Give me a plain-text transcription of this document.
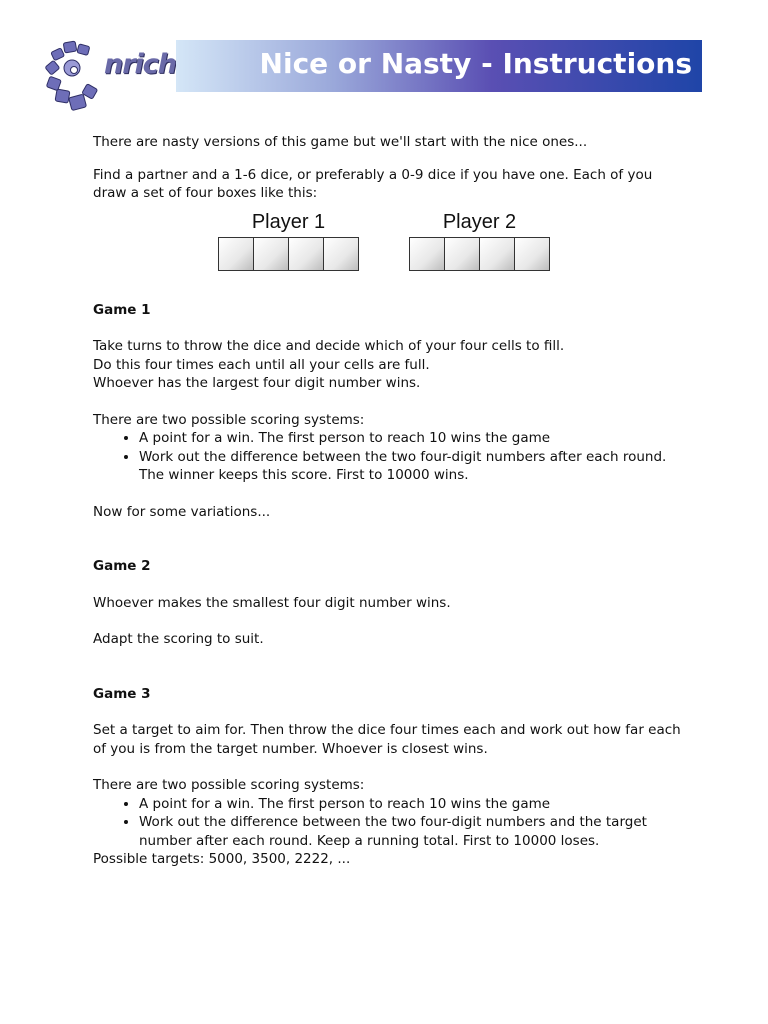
nrich	Nice or Nasty - Instructions

There are nasty versions of this game but we'll start with the nice ones...

Find a partner and a 1-6 dice, or preferably a 0-9 dice if you have one. Each of you draw a set of four boxes like this:

Player 1	Player 2

Game 1

Take turns to throw the dice and decide which of your four cells to fill.

Do this four times each until all your cells are full.

Whoever has the largest four digit number wins.

There are two possible scoring systems:

• A point for a win. The first person to reach 10 wins the game
• Work out the difference between the two four-digit numbers after each round.
The winner keeps this score. First to 10000 wins.

Now for some variations...

Game 2

Whoever makes the smallest four digit number wins.

Adapt the scoring to suit.

Game 3

Set a target to aim for. Then throw the dice four times each and work out how far each of you is from the target number. Whoever is closest wins.

There are two possible scoring systems:

• A point for a win. The first person to reach 10 wins the game
• Work out the difference between the two four-digit numbers and the target number after each round. Keep a running total. First to 10000 loses.

Possible targets: 5000, 3500, 2222, ...
